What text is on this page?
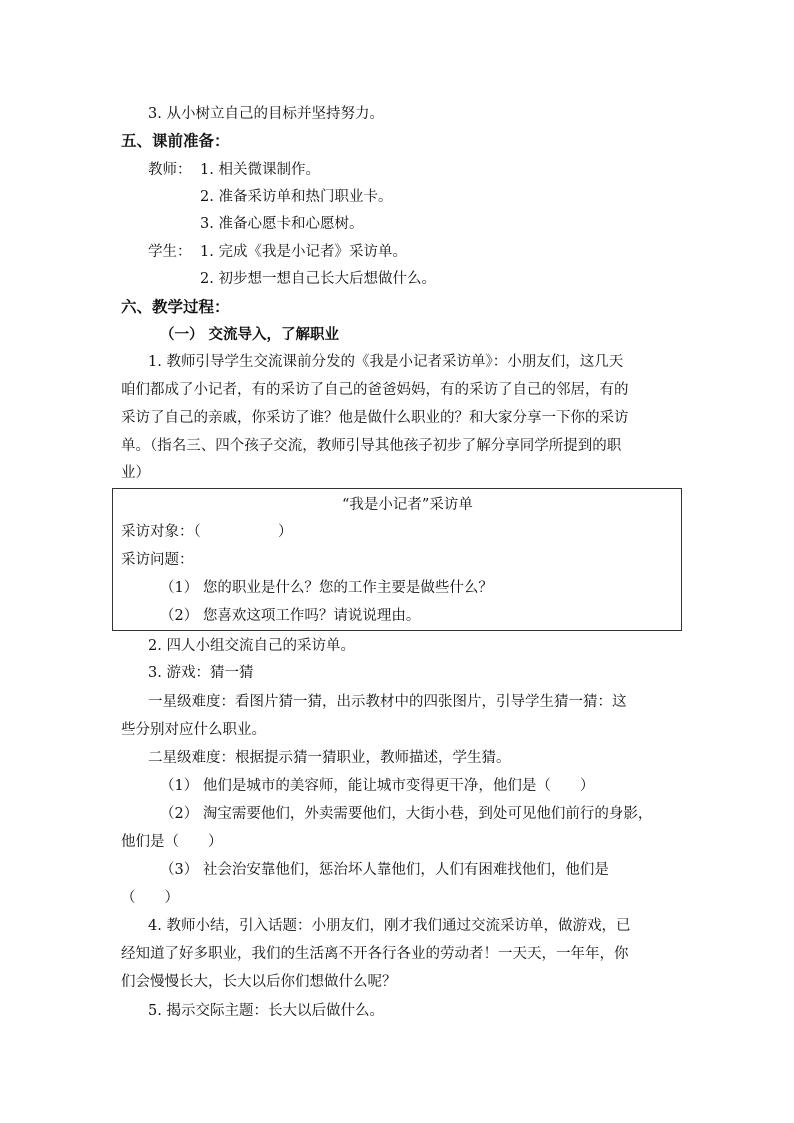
3. 从小树立自己的目标并坚持努力。
五、课前准备：
教师： 1. 相关微课制作。
2. 准备采访单和热门职业卡。
3. 准备心愿卡和心愿树。
学生： 1. 完成《我是小记者》采访单。
2. 初步想一想自己长大后想做什么。
六、教学过程：
（一） 交流导入，了解职业
1. 教师引导学生交流课前分发的《我是小记者采访单》：小朋友们，这几天
咱们都成了小记者，有的采访了自己的爸爸妈妈，有的采访了自己的邻居，有的
采访了自己的亲戚，你采访了谁？他是做什么职业的？和大家分享一下你的采访
单。（指名三、四个孩子交流，教师引导其他孩子初步了解分享同学所提到的职
业）
“我是小记者”采访单
采访对象：（	）
采访问题：
（1） 您的职业是什么？您的工作主要是做些什么？
（2） 您喜欢这项工作吗？请说说理由。
2. 四人小组交流自己的采访单。
3. 游戏：猜一猜
一星级难度：看图片猜一猜，出示教材中的四张图片，引导学生猜一猜：这
些分别对应什么职业。
二星级难度：根据提示猜一猜职业，教师描述，学生猜。
（1） 他们是城市的美容师，能让城市变得更干净，他们是（　　）
（2） 淘宝需要他们，外卖需要他们，大街小巷，到处可见他们前行的身影，
他们是（　　）
（3） 社会治安靠他们，惩治坏人靠他们，人们有困难找他们，他们是
（　　）
4. 教师小结，引入话题：小朋友们，刚才我们通过交流采访单，做游戏，已
经知道了好多职业，我们的生活离不开各行各业的劳动者！一天天，一年年，你
们会慢慢长大，长大以后你们想做什么呢？
5. 揭示交际主题：长大以后做什么。
